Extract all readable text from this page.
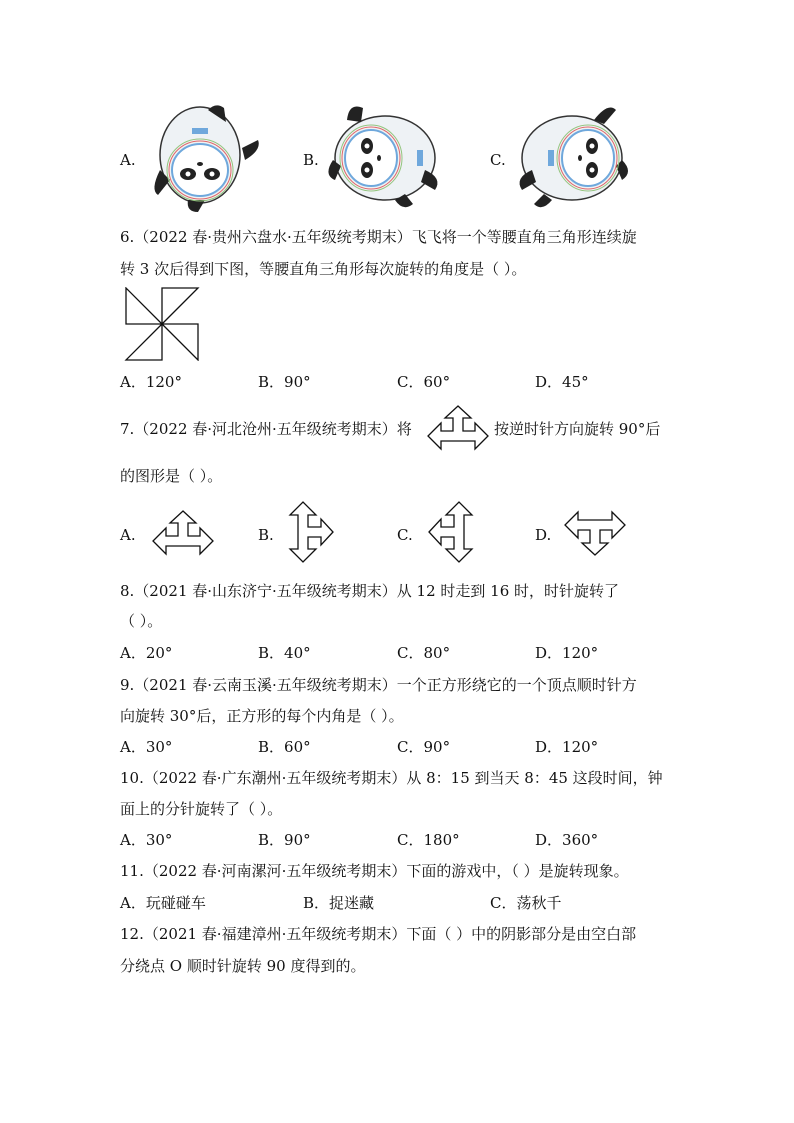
A.	B.	C.
6.（2022 春·贵州六盘水·五年级统考期末）飞飞将一个等腰直角三角形连续旋
转 3 次后得到下图，等腰直角三角形每次旋转的角度是（ ）。
A．120°	B．90°	C．60°	D．45°
7.（2022 春·河北沧州·五年级统考期末）将	按逆时针方向旋转 90°后
的图形是（ ）。
A.	B.	C.	D.
8.（2021 春·山东济宁·五年级统考期末）从 12 时走到 16 时，时针旋转了
（ ）。
A．20°	B．40°	C．80°	D．120°
9.（2021 春·云南玉溪·五年级统考期末）一个正方形绕它的一个顶点顺时针方
向旋转 30°后，正方形的每个内角是（ ）。
A．30°	B．60°	C．90°	D．120°
10.（2022 春·广东潮州·五年级统考期末）从 8：15 到当天 8：45 这段时间，钟
面上的分针旋转了（ ）。
A．30°	B．90°	C．180°	D．360°
11.（2022 春·河南漯河·五年级统考期末）下面的游戏中，（ ）是旋转现象。
A．玩碰碰车	B．捉迷藏	C．荡秋千
12.（2021 春·福建漳州·五年级统考期末）下面（ ）中的阴影部分是由空白部
分绕点 O 顺时针旋转 90 度得到的。
